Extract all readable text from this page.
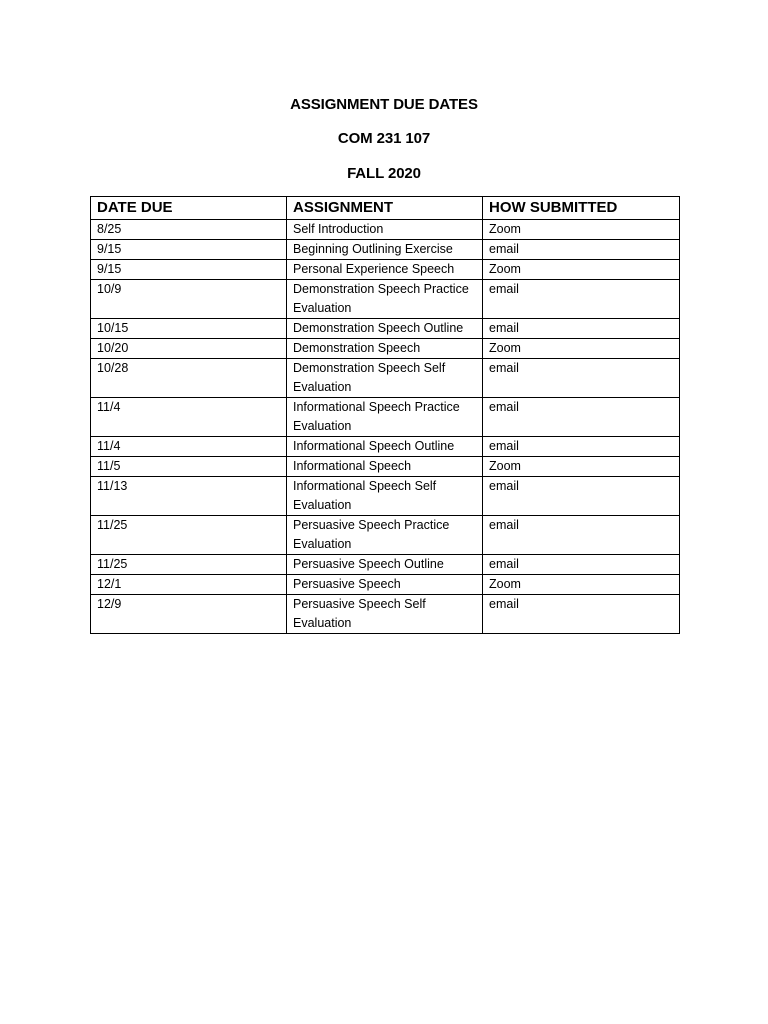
ASSIGNMENT DUE DATES
COM 231 107
FALL 2020
DATE DUE	ASSIGNMENT	HOW SUBMITTED
8/25	Self Introduction	Zoom
9/15	Beginning Outlining Exercise	email
9/15	Personal Experience Speech	Zoom
10/9	Demonstration Speech Practice Evaluation	email
10/15	Demonstration Speech Outline	email
10/20	Demonstration Speech	Zoom
10/28	Demonstration Speech Self Evaluation	email
11/4	Informational Speech Practice Evaluation	email
11/4	Informational Speech Outline	email
11/5	Informational Speech	Zoom
11/13	Informational Speech Self Evaluation	email
11/25	Persuasive Speech Practice Evaluation	email
11/25	Persuasive Speech Outline	email
12/1	Persuasive Speech	Zoom
12/9	Persuasive Speech Self Evaluation	email
